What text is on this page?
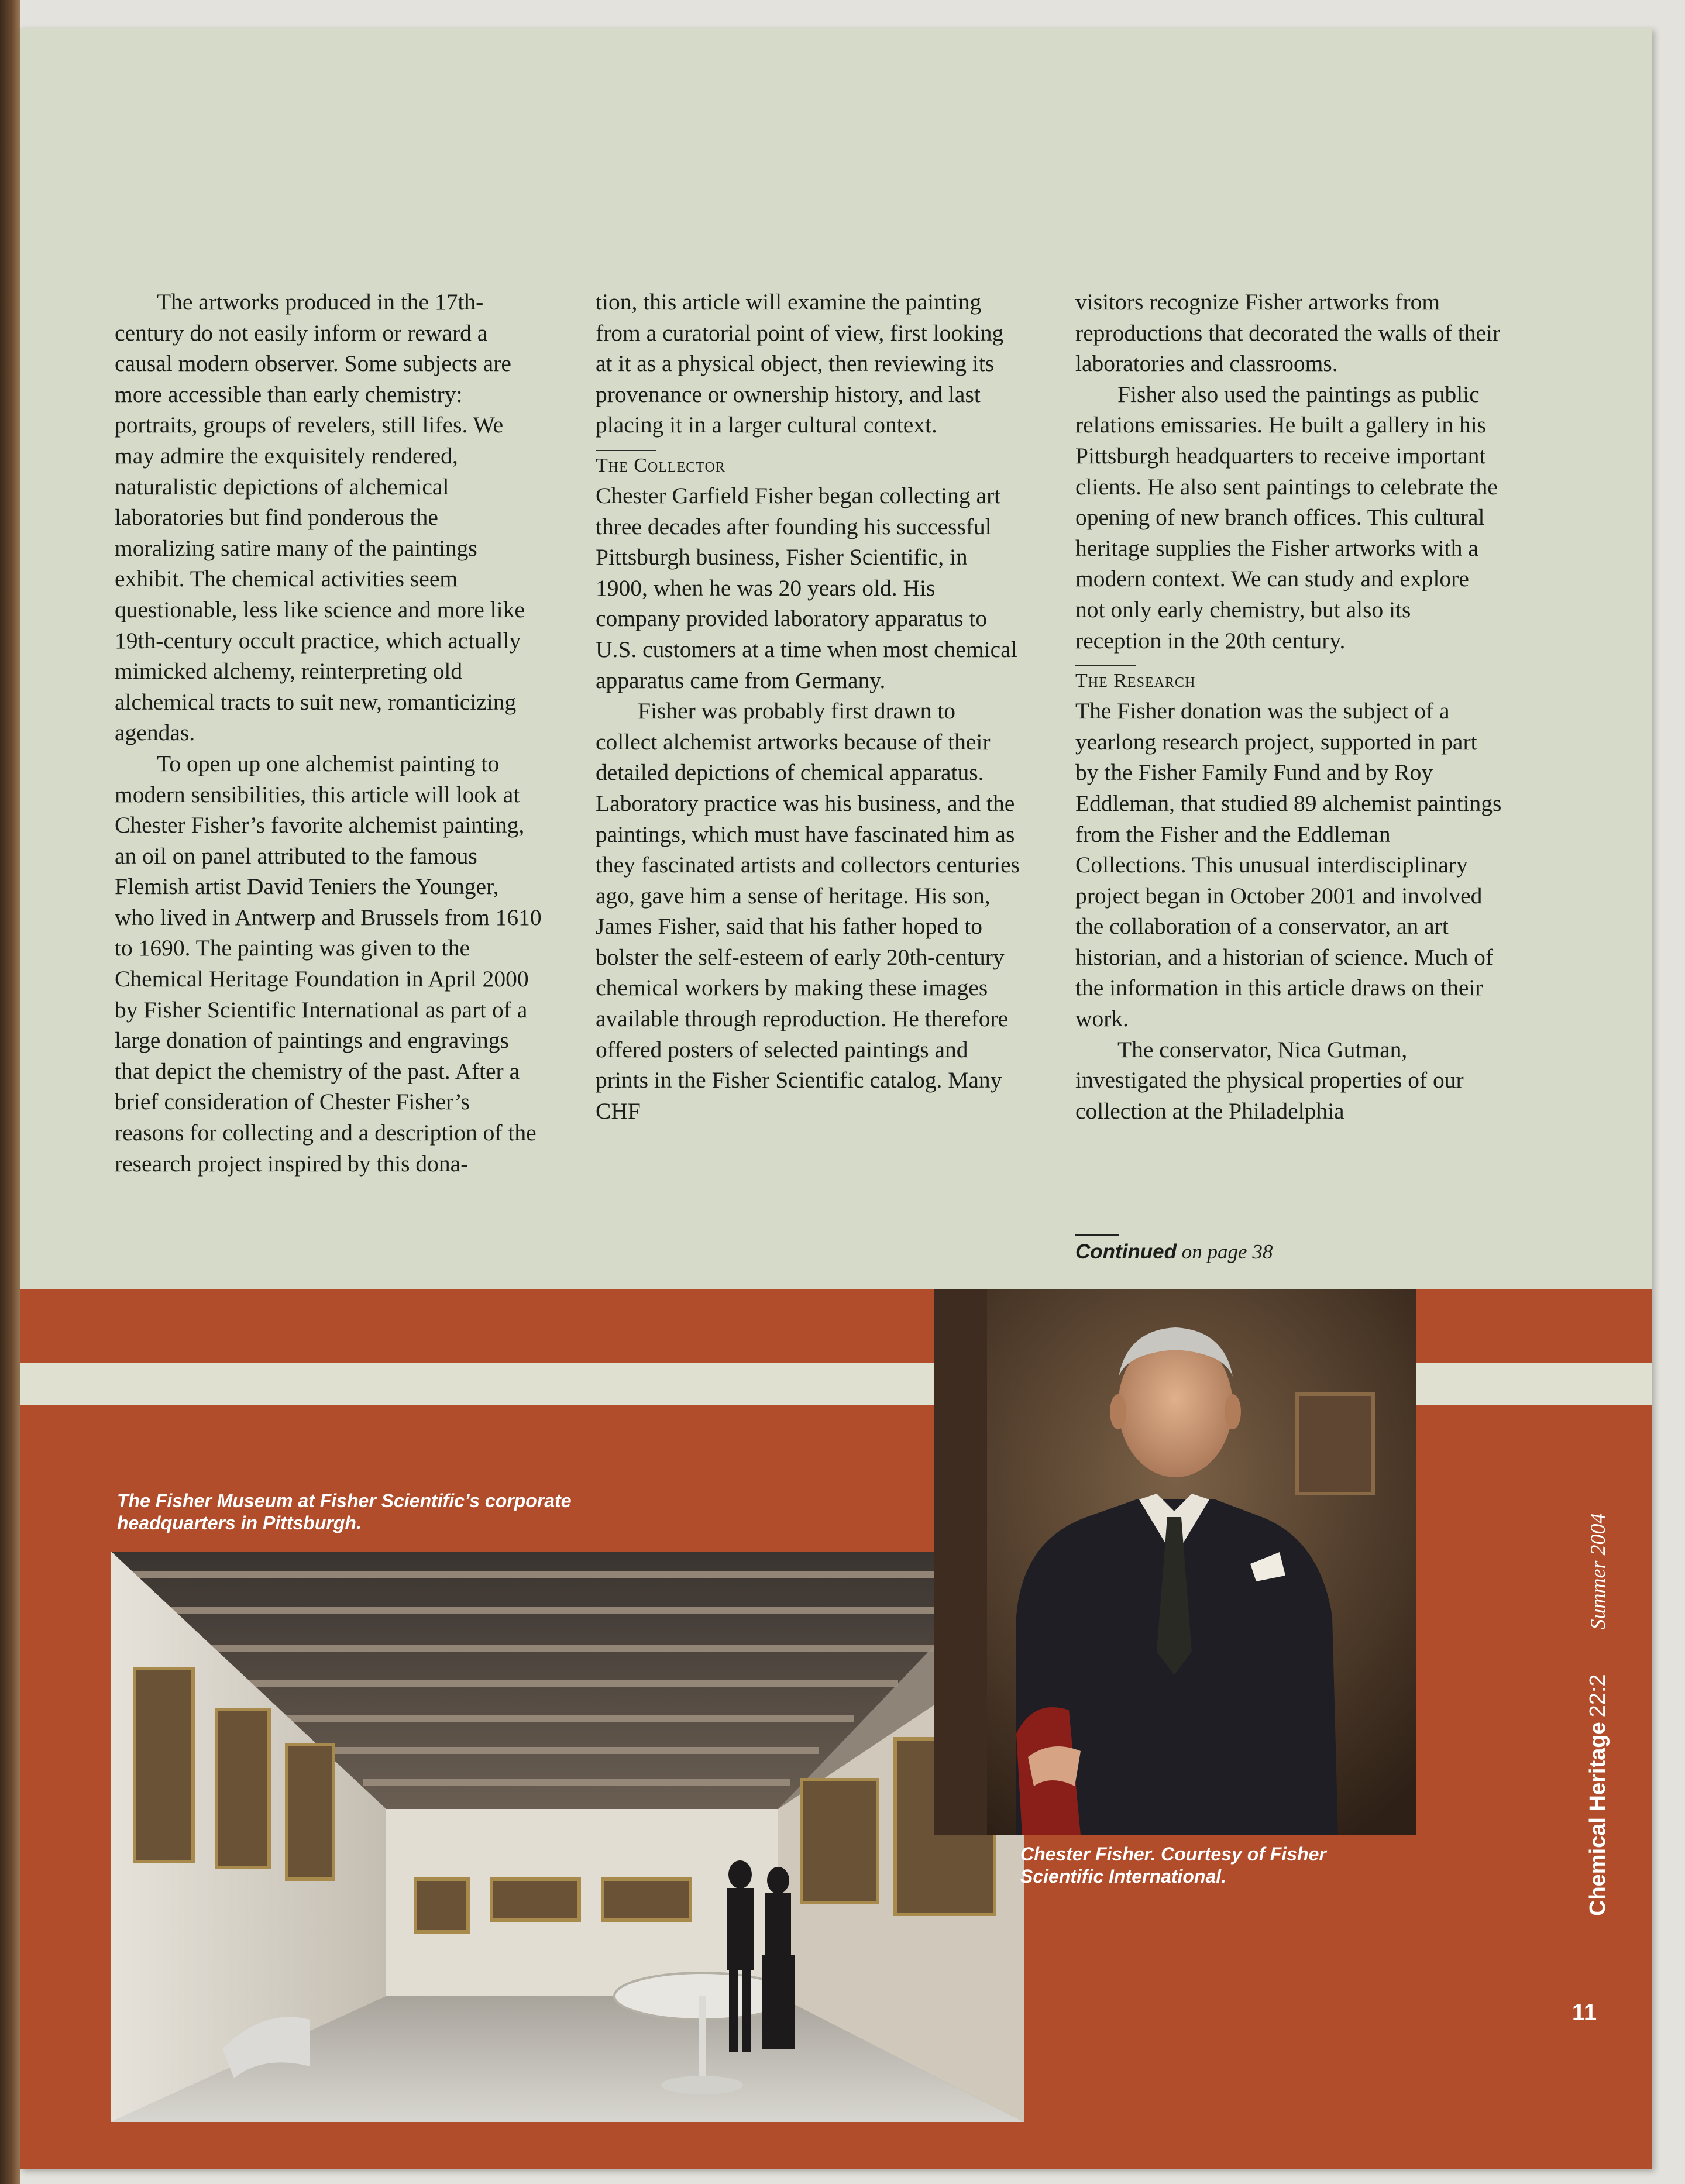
The artworks produced in the 17th-century do not easily inform or reward a causal modern observer. Some subjects are more accessible than early chemistry: portraits, groups of revelers, still lifes. We may admire the exquisitely rendered, naturalistic depictions of alchemical laboratories but find ponderous the moralizing satire many of the paintings exhibit. The chemical activities seem questionable, less like science and more like 19th-century occult practice, which actually mimicked alchemy, reinterpreting old alchemical tracts to suit new, romanticizing agendas.

To open up one alchemist painting to modern sensibilities, this article will look at Chester Fisher’s favorite alchemist painting, an oil on panel attributed to the famous Flemish artist David Teniers the Younger, who lived in Antwerp and Brussels from 1610 to 1690. The painting was given to the Chemical Heritage Foundation in April 2000 by Fisher Scientific International as part of a large donation of paintings and engravings that depict the chemistry of the past. After a brief consideration of Chester Fisher’s reasons for collecting and a description of the research project inspired by this dona-

tion, this article will examine the painting from a curatorial point of view, first looking at it as a physical object, then reviewing its provenance or ownership history, and last placing it in a larger cultural context.

The Collector

Chester Garfield Fisher began collecting art three decades after founding his successful Pittsburgh business, Fisher Scientific, in 1900, when he was 20 years old. His company provided laboratory apparatus to U.S. customers at a time when most chemical apparatus came from Germany.

Fisher was probably first drawn to collect alchemist artworks because of their detailed depictions of chemical apparatus. Laboratory practice was his business, and the paintings, which must have fascinated him as they fascinated artists and collectors centuries ago, gave him a sense of heritage. His son, James Fisher, said that his father hoped to bolster the self-esteem of early 20th-century chemical workers by making these images available through reproduction. He therefore offered posters of selected paintings and prints in the Fisher Scientific catalog. Many CHF

visitors recognize Fisher artworks from reproductions that decorated the walls of their laboratories and classrooms.

Fisher also used the paintings as public relations emissaries. He built a gallery in his Pittsburgh headquarters to receive important clients. He also sent paintings to celebrate the opening of new branch offices. This cultural heritage supplies the Fisher artworks with a modern context. We can study and explore not only early chemistry, but also its reception in the 20th century.

The Research

The Fisher donation was the subject of a yearlong research project, supported in part by the Fisher Family Fund and by Roy Eddleman, that studied 89 alchemist paintings from the Fisher and the Eddleman Collections. This unusual interdisciplinary project began in October 2001 and involved the collaboration of a conservator, an art historian, and a historian of science. Much of the information in this article draws on their work.

The conservator, Nica Gutman, investigated the physical properties of our collection at the Philadelphia

Continued on page 38
The Fisher Museum at Fisher Scientific’s corporate headquarters in Pittsburgh.
Chester Fisher. Courtesy of Fisher Scientific International.	Chemical Heritage22:2Summer 2004
11
